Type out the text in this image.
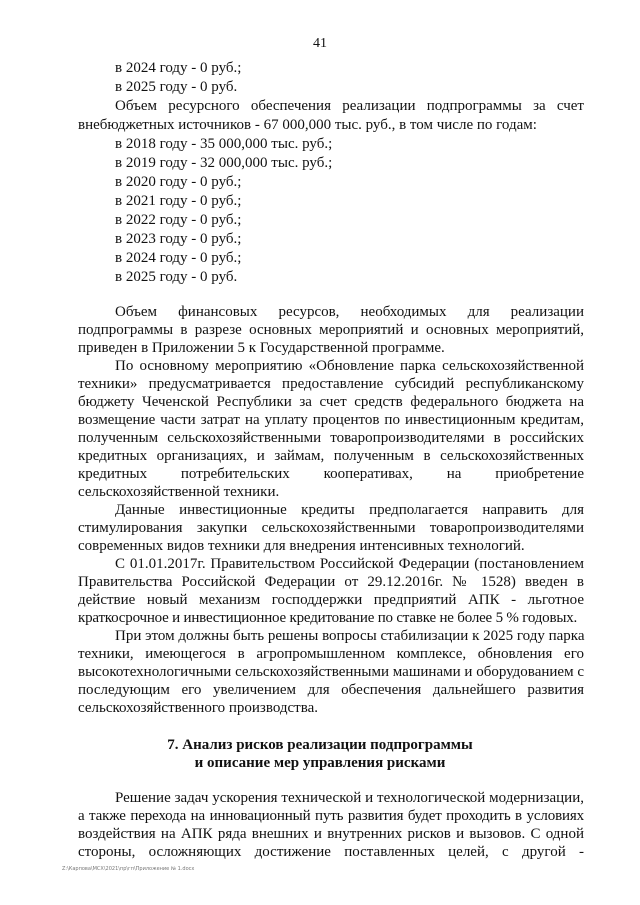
41
в 2024 году - 0 руб.;
в 2025 году - 0 руб.
Объем ресурсного обеспечения реализации подпрограммы за счет
внебюджетных источников - 67 000,000 тыс. руб., в том числе по годам:
в 2018 году - 35 000,000 тыс. руб.;
в 2019 году - 32 000,000 тыс. руб.;
в 2020 году - 0 руб.;
в 2021 году - 0 руб.;
в 2022 году - 0 руб.;
в 2023 году - 0 руб.;
в 2024 году - 0 руб.;
в 2025 году - 0 руб.
Объем финансовых ресурсов, необходимых для реализации
подпрограммы в разрезе основных мероприятий и основных мероприятий,
приведен в Приложении 5 к Государственной программе.
По основному мероприятию «Обновление парка сельскохозяйственной
техники» предусматривается предоставление субсидий республиканскому
бюджету Чеченской Республики за счет средств федерального бюджета на
возмещение части затрат на уплату процентов по инвестиционным кредитам,
полученным сельскохозяйственными товаропроизводителями в российских
кредитных организациях, и займам, полученным в сельскохозяйственных
кредитных потребительских кооперативах, на приобретение
сельскохозяйственной техники.
Данные инвестиционные кредиты предполагается направить для
стимулирования закупки сельскохозяйственными товаропроизводителями
современных видов техники для внедрения интенсивных технологий.
С 01.01.2017г. Правительством Российской Федерации (постановлением
Правительства Российской Федерации от 29.12.2016г. № 1528) введен в
действие новый механизм господдержки предприятий АПК - льготное
краткосрочное и инвестиционное кредитование по ставке не более 5 % годовых.
При этом должны быть решены вопросы стабилизации к 2025 году парка
техники, имеющегося в агропромышленном комплексе, обновления его
высокотехнологичными сельскохозяйственными машинами и оборудованием с
последующим его увеличением для обеспечения дальнейшего развития
сельскохозяйственного производства.
7. Анализ рисков реализации подпрограммы
и описание мер управления рисками
Решение задач ускорения технической и технологической модернизации,
а также перехода на инновационный путь развития будет проходить в условиях
воздействия на АПК ряда внешних и внутренних рисков и вызовов. С одной
стороны, осложняющих достижение поставленных целей, с другой -
Z:\Карпова\МСХ\2021\пр\гп\Приложение № 1.docx
